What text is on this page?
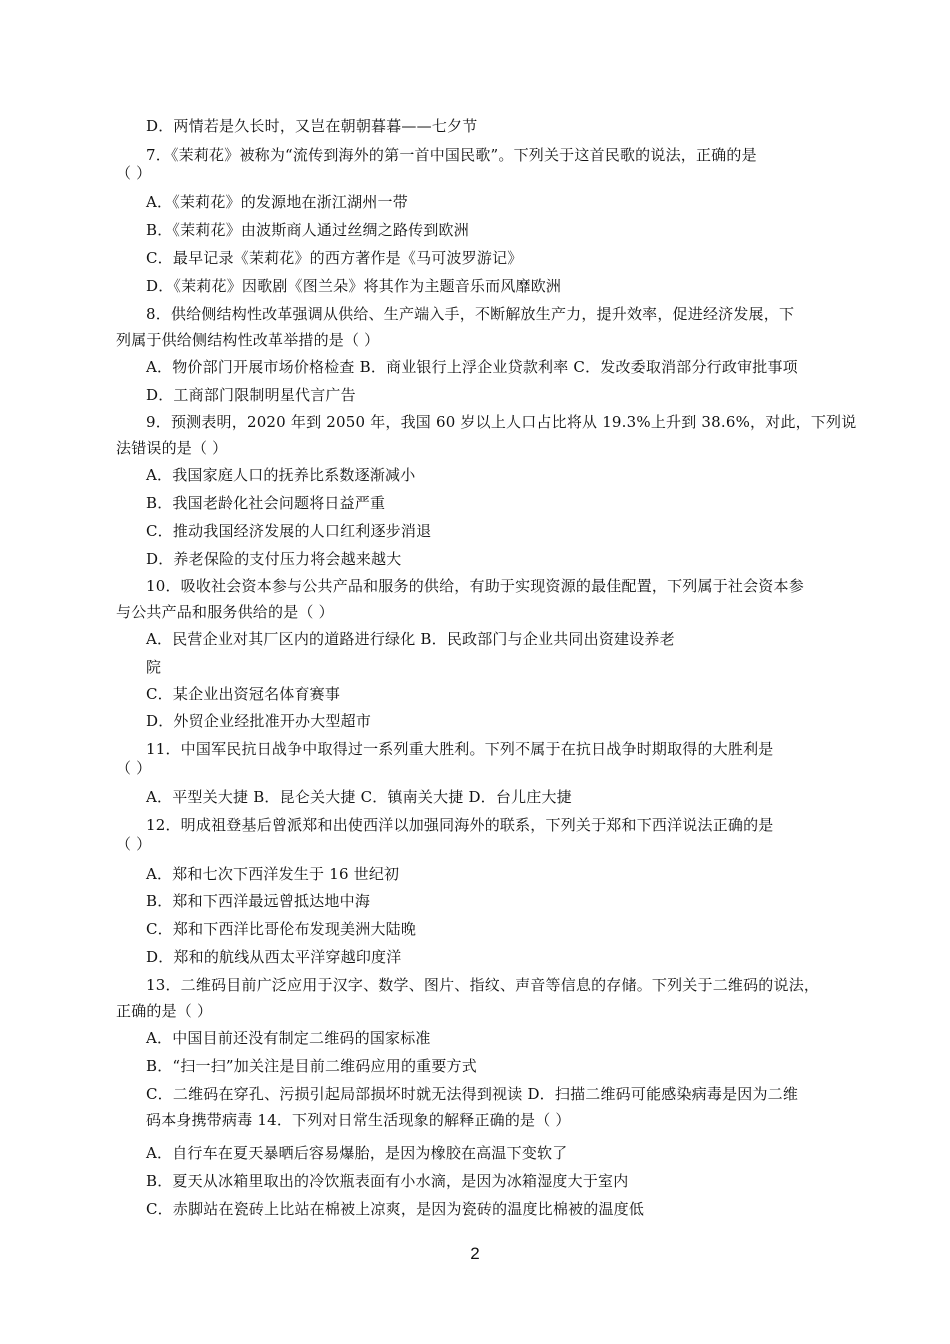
D．两情若是久长时，又岂在朝朝暮暮——七夕节
7．《茉莉花》被称为“流传到海外的第一首中国民歌”。下列关于这首民歌的说法，正确的是
（ ）
A．《茉莉花》的发源地在浙江湖州一带
B．《茉莉花》由波斯商人通过丝绸之路传到欧洲
C．最早记录《茉莉花》的西方著作是《马可波罗游记》
D．《茉莉花》因歌剧《图兰朵》将其作为主题音乐而风靡欧洲
8．供给侧结构性改革强调从供给、生产端入手，不断解放生产力，提升效率，促进经济发展，下
列属于供给侧结构性改革举措的是（ ）
A．物价部门开展市场价格检查 B．商业银行上浮企业贷款利率 C．发改委取消部分行政审批事项
D．工商部门限制明星代言广告
9．预测表明，2020 年到 2050 年，我国 60 岁以上人口占比将从 19.3%上升到 38.6%，对此，下列说
法错误的是（ ）
A．我国家庭人口的抚养比系数逐渐减小
B．我国老龄化社会问题将日益严重
C．推动我国经济发展的人口红利逐步消退
D．养老保险的支付压力将会越来越大
10．吸收社会资本参与公共产品和服务的供给，有助于实现资源的最佳配置，下列属于社会资本参
与公共产品和服务供给的是（ ）
A．民营企业对其厂区内的道路进行绿化 B．民政部门与企业共同出资建设养老
院
C．某企业出资冠名体育赛事
D．外贸企业经批准开办大型超市
11．中国军民抗日战争中取得过一系列重大胜利。下列不属于在抗日战争时期取得的大胜利是
（ ）
A．平型关大捷 B．昆仑关大捷 C．镇南关大捷 D．台儿庄大捷
12．明成祖登基后曾派郑和出使西洋以加强同海外的联系，下列关于郑和下西洋说法正确的是
（ ）
A．郑和七次下西洋发生于 16 世纪初
B．郑和下西洋最远曾抵达地中海
C．郑和下西洋比哥伦布发现美洲大陆晚
D．郑和的航线从西太平洋穿越印度洋
13．二维码目前广泛应用于汉字、数学、图片、指纹、声音等信息的存储。下列关于二维码的说法，
正确的是（ ）
A．中国目前还没有制定二维码的国家标准
B．“扫一扫”加关注是目前二维码应用的重要方式
C．二维码在穿孔、污损引起局部损坏时就无法得到视读 D．扫描二维码可能感染病毒是因为二维
码本身携带病毒 14．下列对日常生活现象的解释正确的是（ ）
A．自行车在夏天暴晒后容易爆胎，是因为橡胶在高温下变软了
B．夏天从冰箱里取出的冷饮瓶表面有小水滴，是因为冰箱湿度大于室内
C．赤脚站在瓷砖上比站在棉被上凉爽，是因为瓷砖的温度比棉被的温度低
2
